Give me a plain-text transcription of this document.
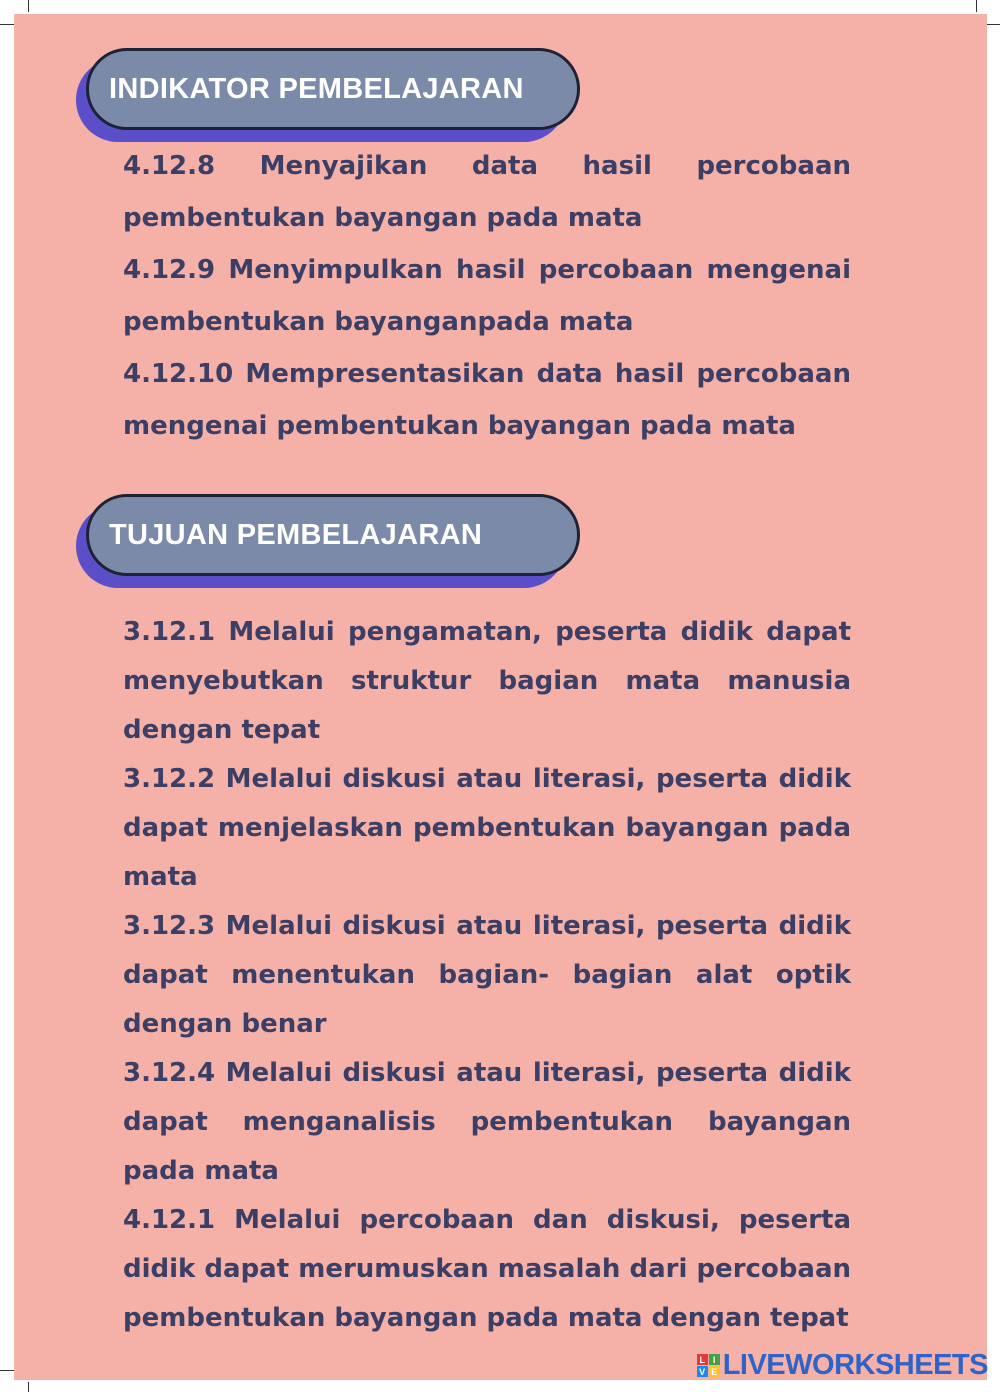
INDIKATOR PEMBELAJARAN

4.12.8 Menyajikan data hasil percobaan pembentukan bayangan pada mata

4.12.9 Menyimpulkan hasil percobaan mengenai pembentukan bayanganpada mata

4.12.10 Mempresentasikan data hasil percobaan mengenai pembentukan bayangan pada mata

TUJUAN PEMBELAJARAN

3.12.1 Melalui pengamatan, peserta didik dapat menyebutkan struktur bagian mata manusia dengan tepat

3.12.2 Melalui diskusi atau literasi, peserta didik dapat menjelaskan pembentukan bayangan pada mata

3.12.3 Melalui diskusi atau literasi, peserta didik dapat menentukan bagian- bagian alat optik dengan benar

3.12.4 Melalui diskusi atau literasi, peserta didik dapat menganalisis pembentukan bayangan pada mata

4.12.1 Melalui percobaan dan diskusi, peserta didik dapat merumuskan masalah dari percobaan pembentukan bayangan pada mata dengan tepat

L I
V E LIVEWORKSHEETS
